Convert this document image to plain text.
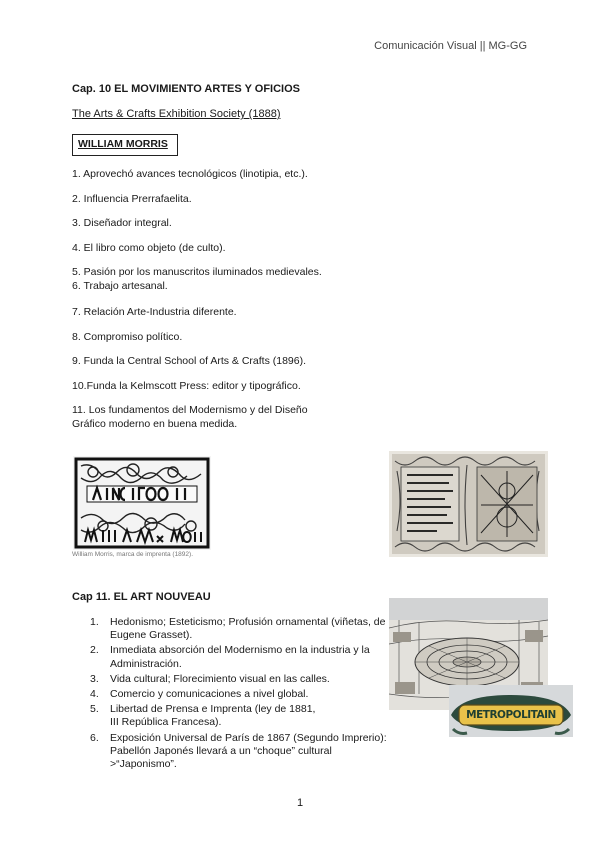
Comunicación Visual || MG-GG
Cap. 10 EL MOVIMIENTO ARTES Y OFICIOS
The Arts & Crafts Exhibition Society (1888)
WILLIAM MORRIS
1. Aprovechó avances tecnológicos (linotipia, etc.).
2. Influencia Prerrafaelita.
3. Diseñador integral.
4. El libro como objeto (de culto).
5. Pasión por los manuscritos iluminados medievales.
6. Trabajo artesanal.
7. Relación Arte-Industria diferente.
8. Compromiso político.
9. Funda la Central School of Arts & Crafts (1896).
10.Funda la Kelmscott Press: editor y tipográfico.
11. Los fundamentos del Modernismo y del Diseño
Gráfico moderno en buena medida.
William Morris, marca de imprenta (1892).
Cap 11. EL ART NOUVEAU
1.	Hedonismo; Esteticismo; Profusión ornamental (viñetas, de Eugene Grasset).
2.	Inmediata absorción del Modernismo en la industria y la Administración.
3.	Vida cultural; Florecimiento visual en las calles.
4.	Comercio y comunicaciones a nivel global.
5.	Libertad de Prensa e Imprenta (ley de 1881, III República Francesa).
6.	Exposición Universal de París de 1867 (Segundo Imprerio): Pabellón Japonés llevará a un “choque” cultural >“Japonismo”.
METROPOLITAIN
1
